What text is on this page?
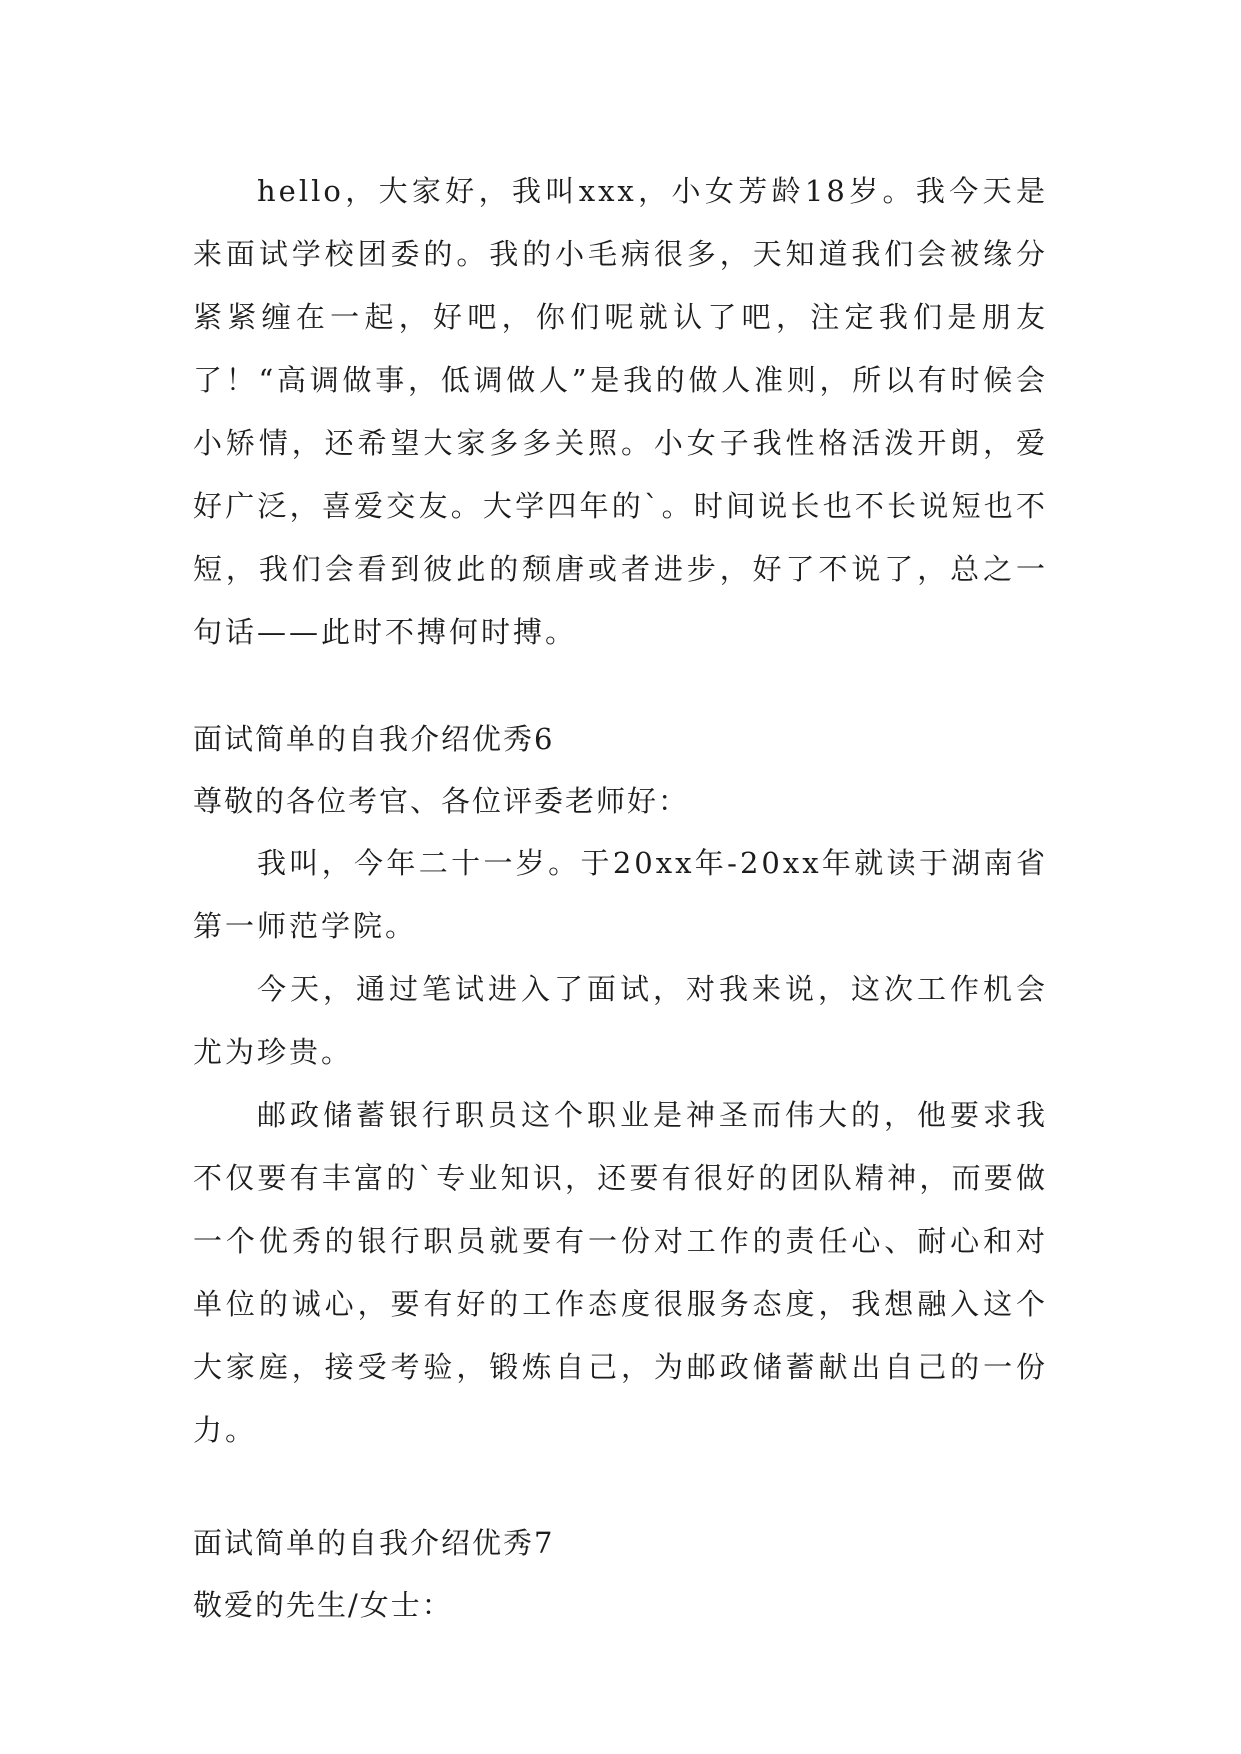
hello，大家好，我叫xxx，小女芳龄18岁。我今天是来面试学校团委的。我的小毛病很多，天知道我们会被缘分紧紧缠在一起，好吧，你们呢就认了吧，注定我们是朋友了！“高调做事，低调做人”是我的做人准则，所以有时候会小矫情，还希望大家多多关照。小女子我性格活泼开朗，爱好广泛，喜爱交友。大学四年的`。时间说长也不长说短也不短，我们会看到彼此的颓唐或者进步，好了不说了，总之一句话——此时不搏何时搏。

面试简单的自我介绍优秀6

尊敬的各位考官、各位评委老师好：

我叫，今年二十一岁。于20xx年-20xx年就读于湖南省第一师范学院。

今天，通过笔试进入了面试，对我来说，这次工作机会尤为珍贵。

邮政储蓄银行职员这个职业是神圣而伟大的，他要求我不仅要有丰富的`专业知识，还要有很好的团队精神，而要做一个优秀的银行职员就要有一份对工作的责任心、耐心和对单位的诚心，要有好的工作态度很服务态度，我想融入这个大家庭，接受考验，锻炼自己，为邮政储蓄献出自己的一份力。

面试简单的自我介绍优秀7

敬爱的先生/女士：
